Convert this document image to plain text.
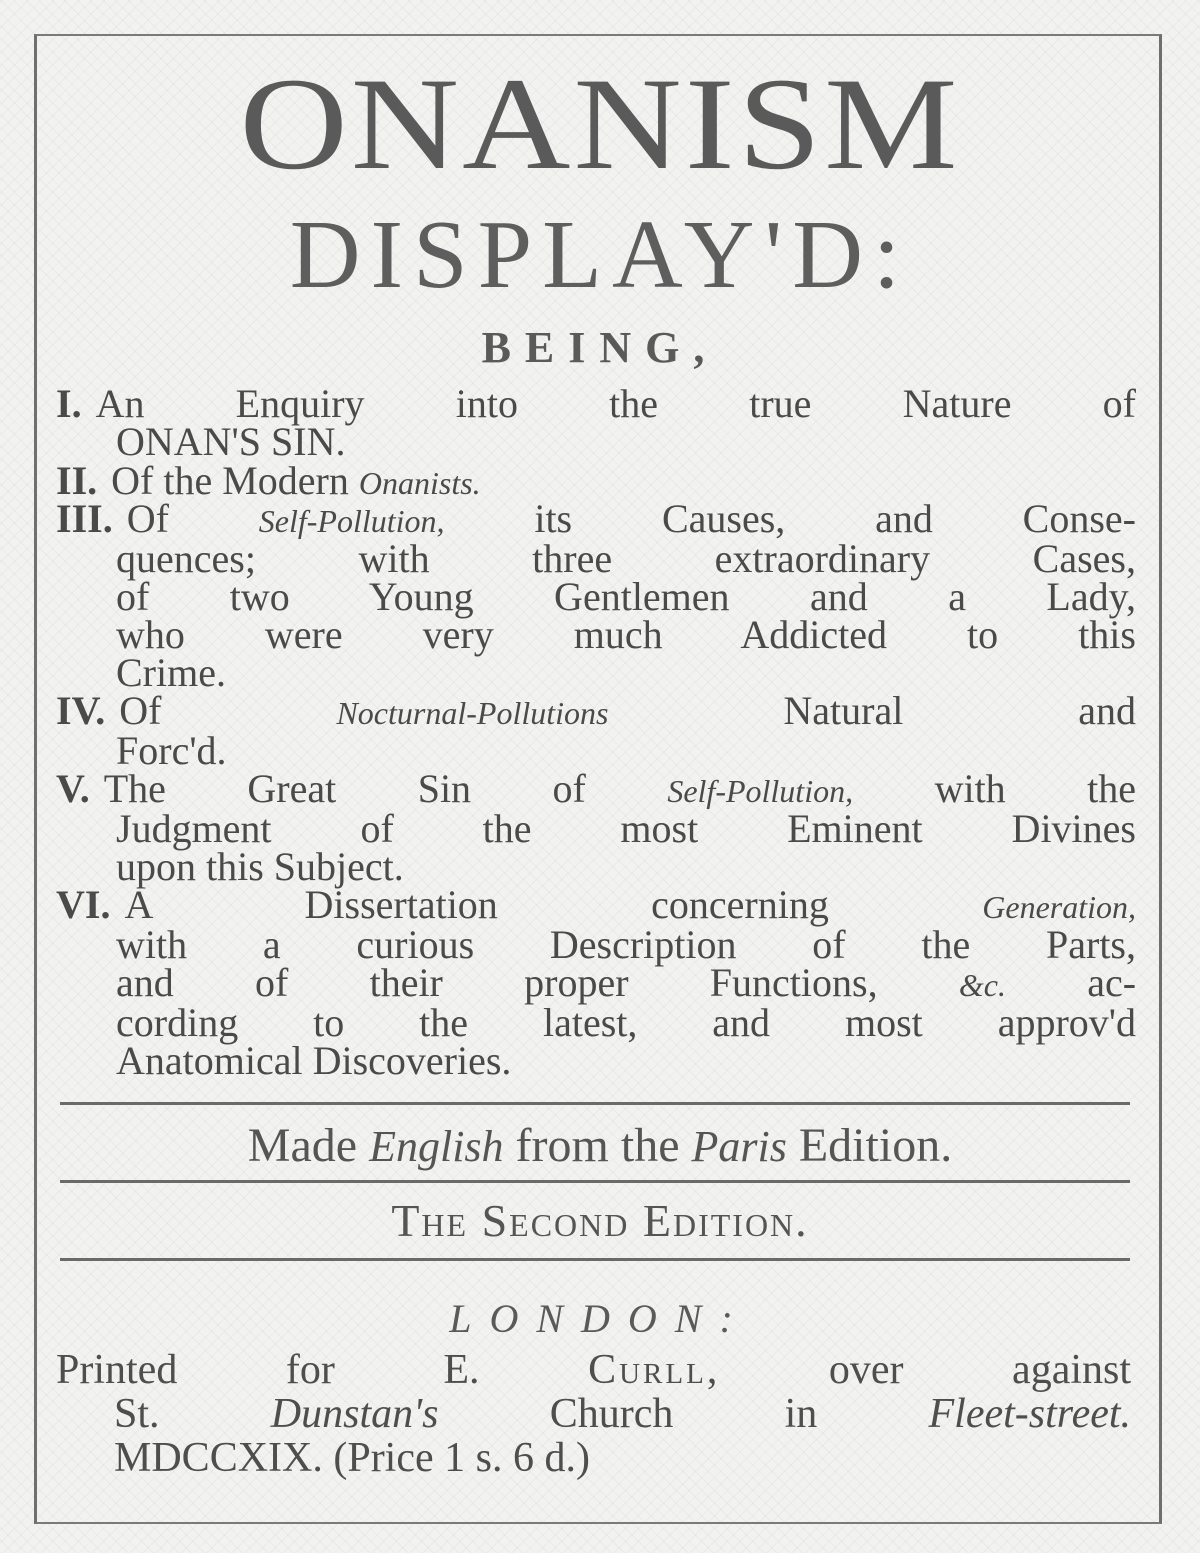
ONANISM
DISPLAY'D:
BEING,
I. An Enquiry into the true Nature of
ONAN'S SIN.
II. Of the Modern Onanists.
III. Of	Self-Pollution, its Causes, and Conse-
quences; with three extraordinary Cases,
of two Young Gentlemen and a Lady,
who were very much Addicted to this
Crime.
IV. Of	Nocturnal-Pollutions	Natural and
Forc'd.
V. The Great Sin of	Self-Pollution, with the
Judgment of the most Eminent Divines
upon this Subject.
VI. A Dissertation concerning	Generation,
with a curious Description of the Parts,
and of their proper Functions,	&c. ac-
cording to the latest, and most approv'd
Anatomical Discoveries.
Made English from the Paris Edition.
The Second Edition.
LONDON:
Printed for E.	Curll,	over against
St.	Dunstan's	Church in	Fleet-street.
MDCCXIX. (Price 1 s. 6 d.)
